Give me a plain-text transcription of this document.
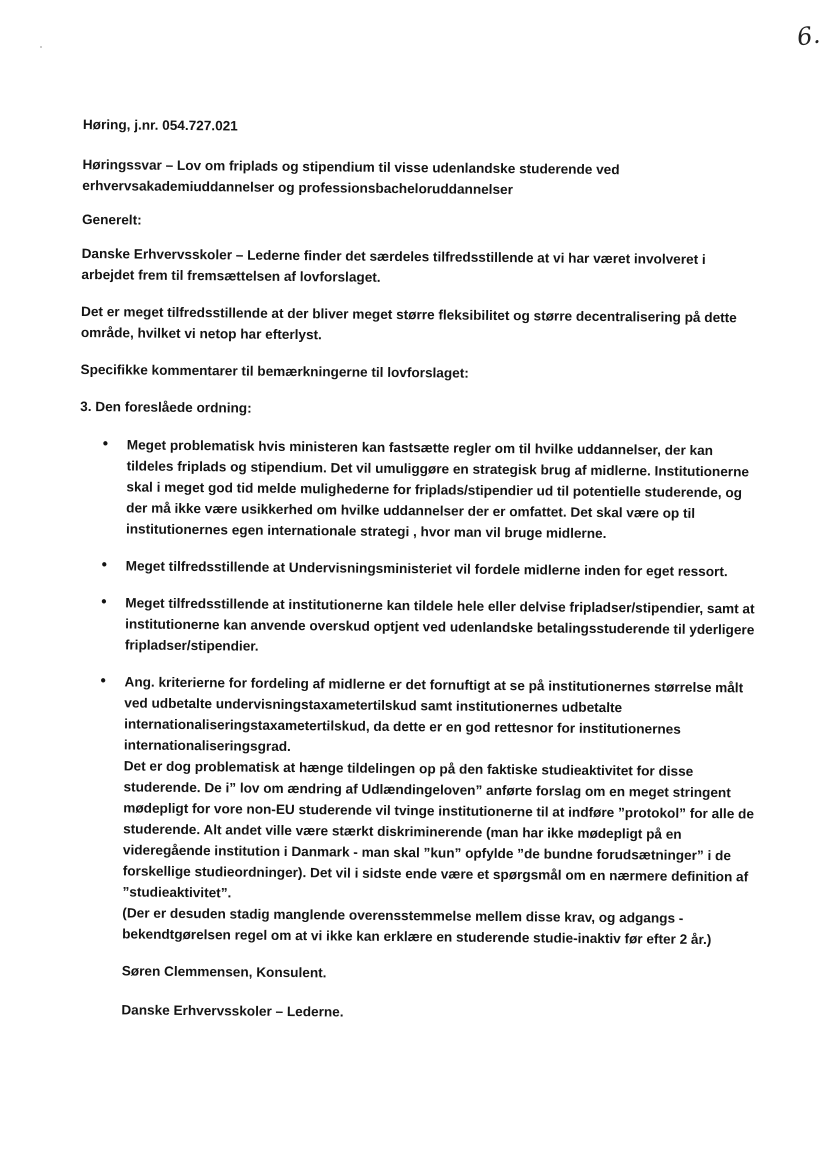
6.

Høring, j.nr. 054.727.021

Høringssvar – Lov om friplads og stipendium til visse udenlandske studerende ved erhvervsakademiuddannelser og professionsbacheloruddannelser

Generelt:

Danske Erhvervsskoler – Lederne finder det særdeles tilfredsstillende at vi har været involveret i arbejdet frem til fremsættelsen af lovforslaget.

Det er meget tilfredsstillende at der bliver meget større fleksibilitet og større decentralisering på dette område, hvilket vi netop har efterlyst.

Specifikke kommentarer til bemærkningerne til lovforslaget:

3. Den foreslåede ordning:

• Meget problematisk hvis ministeren kan fastsætte regler om til hvilke uddannelser, der kan tildeles friplads og stipendium. Det vil umuliggøre en strategisk brug af midlerne. Institutionerne skal i meget god tid melde mulighederne for friplads/stipendier ud til potentielle studerende, og der må ikke være usikkerhed om hvilke uddannelser der er omfattet. Det skal være op til institutionernes egen internationale strategi , hvor man vil bruge midlerne.
• Meget tilfredsstillende at Undervisningsministeriet vil fordele midlerne inden for eget ressort.
• Meget tilfredsstillende at institutionerne kan tildele hele eller delvise fripladser/stipendier, samt at institutionerne kan anvende overskud optjent ved udenlandske betalingsstuderende til yderligere fripladser/stipendier.

• Ang. kriterierne for fordeling af midlerne er det fornuftigt at se på institutionernes størrelse målt ved udbetalte undervisningstaxametertilskud samt institutionernes udbetalte internationaliseringstaxametertilskud, da dette er en god rettesnor for institutionernes internationaliseringsgrad.

Det er dog problematisk at hænge tildelingen op på den faktiske studieaktivitet for disse studerende. De i” lov om ændring af Udlændingeloven” anførte forslag om en meget stringent mødepligt for vore non-EU studerende vil tvinge institutionerne til at indføre ”protokol” for alle de studerende. Alt andet ville være stærkt diskriminerende (man har ikke mødepligt på en videregående institution i Danmark - man skal ”kun” opfylde ”de bundne forudsætninger” i de forskellige studieordninger). Det vil i sidste ende være et spørgsmål om en nærmere definition af ”studieaktivitet”.

(Der er desuden stadig manglende overensstemmelse mellem disse krav, og adgangs - bekendtgørelsen regel om at vi ikke kan erklære en studerende studie-inaktiv før efter 2 år.)

Søren Clemmensen, Konsulent.

Danske Erhvervsskoler – Lederne.
